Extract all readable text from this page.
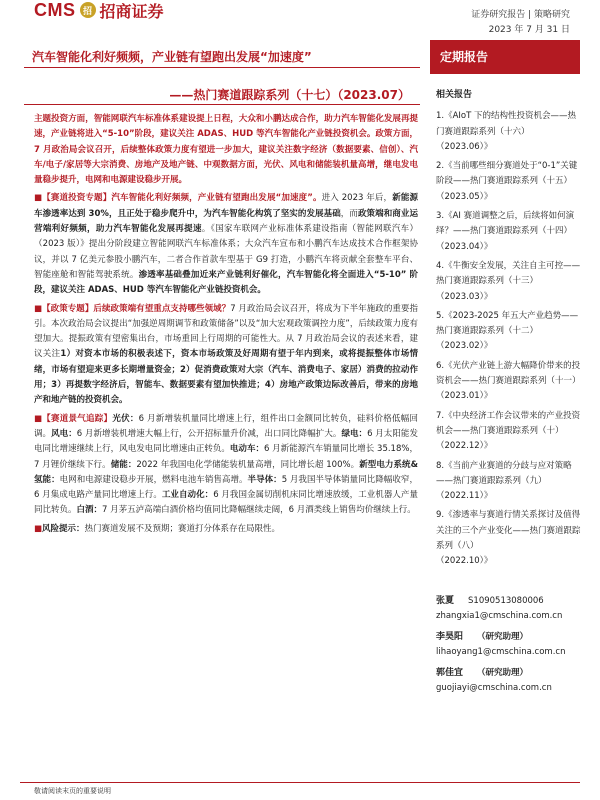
CMS 招 招商证券	证券研究报告 | 策略研究
2023 年 7 月 31 日
汽车智能化利好频频，产业链有望跑出发展“加速度”
——热门赛道跟踪系列（十七）（2023.07）
定期报告

主题投资方面，智能网联汽车标准体系建设提上日程，大众和小鹏达成合作，助力汽车智能化发展再提速，产业链将进入“5-10”阶段，建议关注 ADAS、HUD 等汽车智能化产业链投资机会。政策方面，7 月政治局会议召开，后续整体政策力度有望进一步加大，建议关注数字经济（数据要素、信创）、汽车/电子/家居等大宗消费、房地产及地产链、中观数据方面，光伏、风电和储能装机量高增，继电发电量稳步提升，电网和电源建设稳步开展。

■【赛道投资专题】汽车智能化利好频频，产业链有望跑出发展“加速度”。进入 2023 年后，新能源车渗透率达到 30%，且正处于稳步爬升中，为汽车智能化构筑了坚实的发展基础，而政策端和商业运营端利好频频，助力汽车智能化发展再提速。《国家车联网产业标准体系建设指南（智能网联汽车）（2023 版）》提出分阶段建立智能网联汽车标准体系；大众汽车宣布和小鹏汽车达成技术合作框架协议，并以 7 亿美元参股小鹏汽车，二者合作首款车型基于 G9 打造，小鹏汽车将贡献全套整车平台、智能座舱和智能驾驶系统。渗透率基础叠加近来产业链利好催化，汽车智能化将全面进入“5-10” 阶段，建议关注 ADAS、HUD 等汽车智能化产业链投资机会。

■【政策专题】后续政策端有望重点支持哪些领域？7 月政治局会议召开，将成为下半年施政的重要指引。本次政治局会议提出“加强逆周期调节和政策储备”以及“加大宏观政策调控力度”，后续政策力度有望加大。提振政策有望密集出台，市场重回上行周期的可能性大。从 7 月政治局会议的表述来看，建议关注1）对资本市场的积极表述下，资本市场政策及好周期有望于年内到来，或将提振整体市场情绪，市场有望迎来更多长期增量资金；2）促消费政策对大宗（汽车、消费电子、家居）消费的拉动作用；3）再提数字经济后，智能车、数据要素有望加快推进；4）房地产政策边际改善后，带来的房地产和地产链的投资机会。

■【赛道景气追踪】光伏：6 月新增装机量同比增速上行，组件出口金额同比转负，硅料价格低幅回调。风电：6 月新增装机增速大幅上行，公开招标量升价减，出口同比降幅扩大。绿电：6 月太阳能发电同比增速继续上行，风电发电同比增速由正转负。电动车：6 月新能源汽车销量同比增长 35.18%，7 月锂价继续下行。储能：2022 年我国电化学储能装机量高增，同比增长超 100%。新型电力系统&氢能：电网和电源建设稳步开展，燃料电池车销售高增。半导体：5 月我国半导体销量同比降幅收窄，6 月集成电路产量同比增速上行。工业自动化：6 月我国金属切削机床同比增速放缓，工业机器人产量同比转负。白酒：7 月茅五泸高端白酒价格均值同比降幅继续走阔，6 月酒类线上销售均价继续上行。

■风险提示：热门赛道发展不及预期；赛道打分体系存在局限性。

相关报告
1.《AIoT 下的结构性投资机会——热门赛道跟踪系列（十六）
（2023.06）》
2.《当前哪些细分赛道处于“0-1”关键阶段——热门赛道跟踪系列（十五）
（2023.05）》
3.《AI 赛道调整之后，后续将如何演绎？——热门赛道跟踪系列（十四）
（2023.04）》
4.《牛衡安全发展，关注自主可控——热门赛道跟踪系列（十三）
（2023.03）》
5.《2023-2025 年五大产业趋势——热门赛道跟踪系列（十二）
（2023.02）》
6.《光伏产业链上游大幅降价带来的投资机会——热门赛道跟踪系列（十一）
（2023.01）》
7.《中央经济工作会议带来的产业投资机会——热门赛道跟踪系列（十）
（2022.12）》
8.《当前产业赛道的分歧与应对策略——热门赛道跟踪系列（九）
（2022.11）》
9.《渗透率与赛道行情关系探讨及值得关注的三个产业变化——热门赛道跟踪系列（八）
（2022.10）》
张夏 S1090513080006
zhangxia1@cmschina.com.cn
李昊阳 （研究助理）
lihaoyang1@cmschina.com.cn
郭佳宜 （研究助理）
guojiayi@cmschina.com.cn
敬请阅读末页的重要说明
